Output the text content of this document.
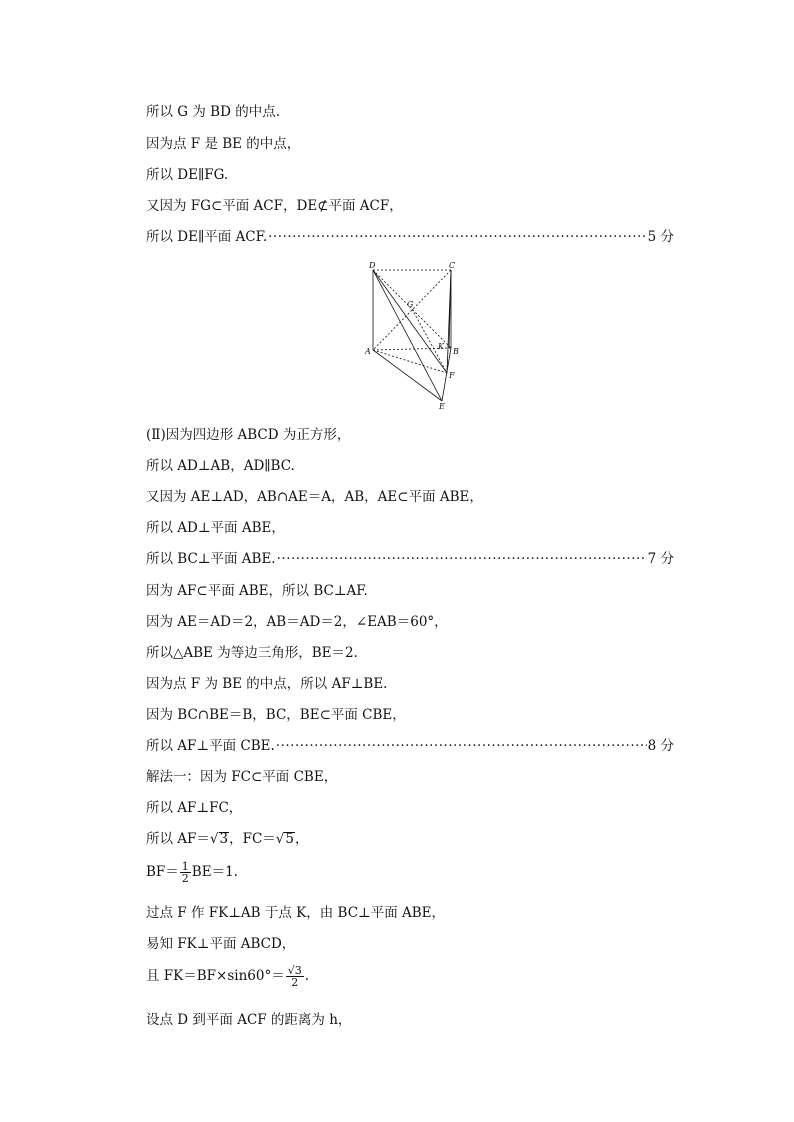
所以 G 为 BD 的中点.
因为点 F 是 BE 的中点，
所以 DE∥FG.
又因为 FG⊂平面 ACF，DE⊄平面 ACF，
所以 DE∥平面 ACF. ·····	5 分
D	C
G
K
A	B
F
E
(Ⅱ)因为四边形 ABCD 为正方形，
所以 AD⊥AB，AD∥BC.
又因为 AE⊥AD，AB∩AE＝A，AB，AE⊂平面 ABE，
所以 AD⊥平面 ABE，
所以 BC⊥平面 ABE. ·····	7 分
因为 AF⊂平面 ABE，所以 BC⊥AF.
因为 AE＝AD＝2，AB＝AD＝2，∠EAB＝60°，
所以△ABE 为等边三角形，BE＝2.
因为点 F 为 BE 的中点，所以 AF⊥BE.
因为 BC∩BE＝B，BC，BE⊂平面 CBE，
所以 AF⊥平面 CBE. ·····	8 分
解法一：因为 FC⊂平面 CBE，
所以 AF⊥FC，
所以 AF＝√3，FC＝√5，
$BF= \frac{1}{2} BE=1$.
过点 F 作 FK⊥AB 于点 K，由 BC⊥平面 ABE，
易知 FK⊥平面 ABCD，
且 $FK=BF\times\sin 60^\circ= \frac{√3}{2}$ .
设点 D 到平面 ACF 的距离为 h，
